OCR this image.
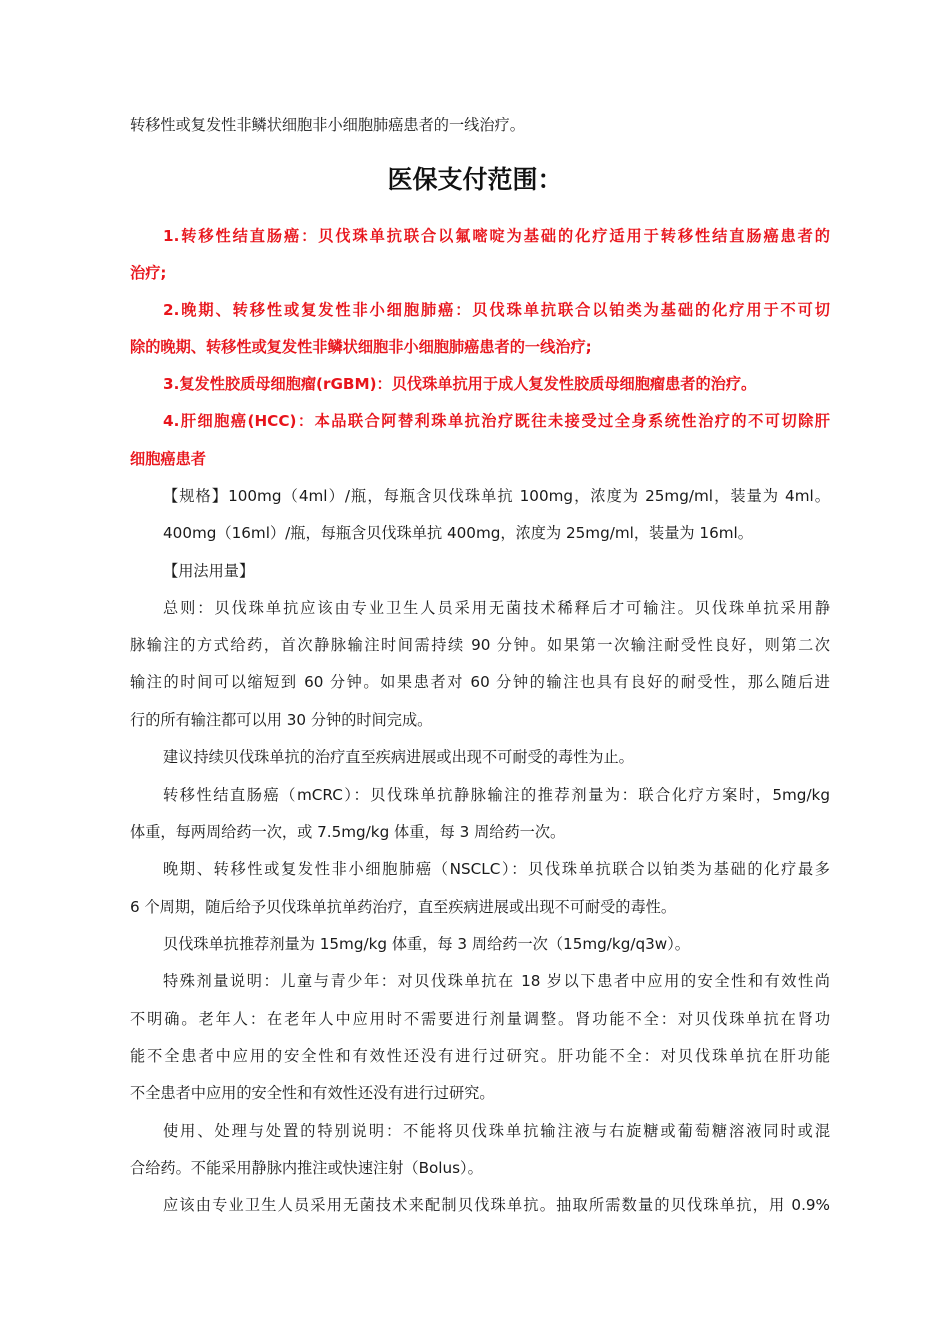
转移性或复发性非鳞状细胞非小细胞肺癌患者的一线治疗。
医保支付范围：
1.转移性结直肠癌：贝伐珠单抗联合以氟嘧啶为基础的化疗适用于转移性结直肠癌患者的
治疗;
2.晚期、转移性或复发性非小细胞肺癌：贝伐珠单抗联合以铂类为基础的化疗用于不可切
除的晚期、转移性或复发性非鳞状细胞非小细胞肺癌患者的一线治疗;
3.复发性胶质母细胞瘤(rGBM)：贝伐珠单抗用于成人复发性胶质母细胞瘤患者的治疗。
4.肝细胞癌(HCC)：本品联合阿替利珠单抗治疗既往未接受过全身系统性治疗的不可切除肝
细胞癌患者
【规格】100mg（4ml）/瓶，每瓶含贝伐珠单抗 100mg，浓度为 25mg/ml，装量为 4ml。
400mg（16ml）/瓶，每瓶含贝伐珠单抗 400mg，浓度为 25mg/ml，装量为 16ml。
【用法用量】
总则：贝伐珠单抗应该由专业卫生人员采用无菌技术稀释后才可输注。贝伐珠单抗采用静
脉输注的方式给药，首次静脉输注时间需持续 90 分钟。如果第一次输注耐受性良好，则第二次
输注的时间可以缩短到 60 分钟。如果患者对 60 分钟的输注也具有良好的耐受性，那么随后进
行的所有输注都可以用 30 分钟的时间完成。
建议持续贝伐珠单抗的治疗直至疾病进展或出现不可耐受的毒性为止。
转移性结直肠癌（mCRC）：贝伐珠单抗静脉输注的推荐剂量为：联合化疗方案时，5mg/kg
体重，每两周给药一次，或 7.5mg/kg 体重，每 3 周给药一次。
晚期、转移性或复发性非小细胞肺癌（NSCLC）：贝伐珠单抗联合以铂类为基础的化疗最多
6 个周期，随后给予贝伐珠单抗单药治疗，直至疾病进展或出现不可耐受的毒性。
贝伐珠单抗推荐剂量为 15mg/kg 体重，每 3 周给药一次（15mg/kg/q3w）。
特殊剂量说明：儿童与青少年：对贝伐珠单抗在 18 岁以下患者中应用的安全性和有效性尚
不明确。老年人：在老年人中应用时不需要进行剂量调整。肾功能不全：对贝伐珠单抗在肾功
能不全患者中应用的安全性和有效性还没有进行过研究。肝功能不全：对贝伐珠单抗在肝功能
不全患者中应用的安全性和有效性还没有进行过研究。
使用、处理与处置的特别说明：不能将贝伐珠单抗输注液与右旋糖或葡萄糖溶液同时或混
合给药。不能采用静脉内推注或快速注射（Bolus）。
应该由专业卫生人员采用无菌技术来配制贝伐珠单抗。抽取所需数量的贝伐珠单抗，用 0.9%
